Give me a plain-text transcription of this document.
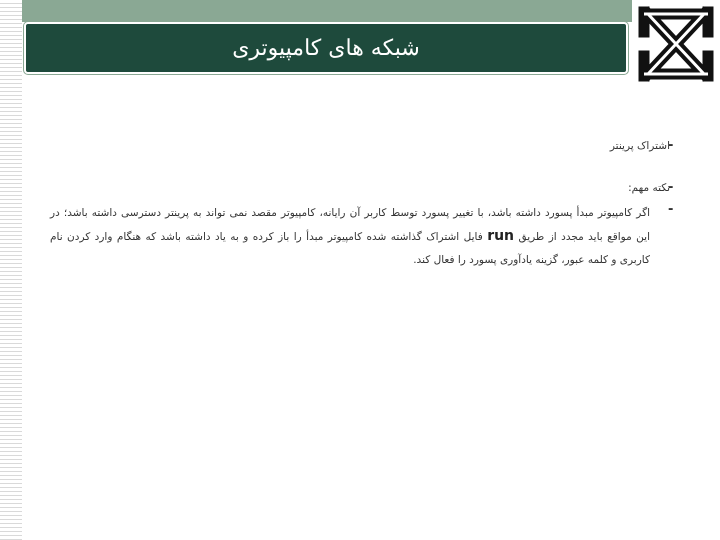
شبکه های کامپیوتری
-
اشتراک پرینتر
-
نکته مهم:
-
اگر کامپیوتر مبدأ پسورد داشته باشد، با تغییر پسورد توسط کاربر آن رایانه، کامپیوتر مقصد نمی تواند به پرینتر دسترسی داشته باشد؛ در این مواقع باید مجدد از طریق run فایل اشتراک گذاشته شده کامپیوتر مبدأ را باز کرده و به یاد داشته باشد که هنگام وارد کردن نام کاربری و کلمه عبور، گزینه یادآوری پسورد را فعال کند.
